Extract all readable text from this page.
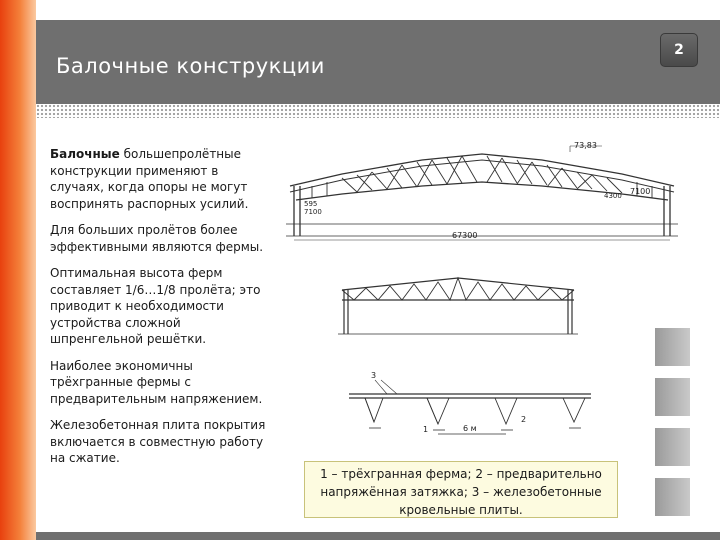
Балочные конструкции
2

Балочные большепролётные конструкции применяют в случаях, когда опоры не могут воспринять распорных усилий.

Для больших пролётов более эффективными являются фермы.

Оптимальная высота ферм составляет 1/6…1/8 пролёта; это приводит к необходимости устройства сложной шпренгельной решётки.

Наиболее экономичны трёхгранные фермы с предварительным напряжением.

Железобетонная плита покрытия включается в совместную работу на сжатие.

73,83
7100
4300
595
7100
67300
3
1
2
6 м
1 – трёхгранная ферма; 2 – предварительно напряжённая затяжка; 3 – железобетонные кровельные плиты.
